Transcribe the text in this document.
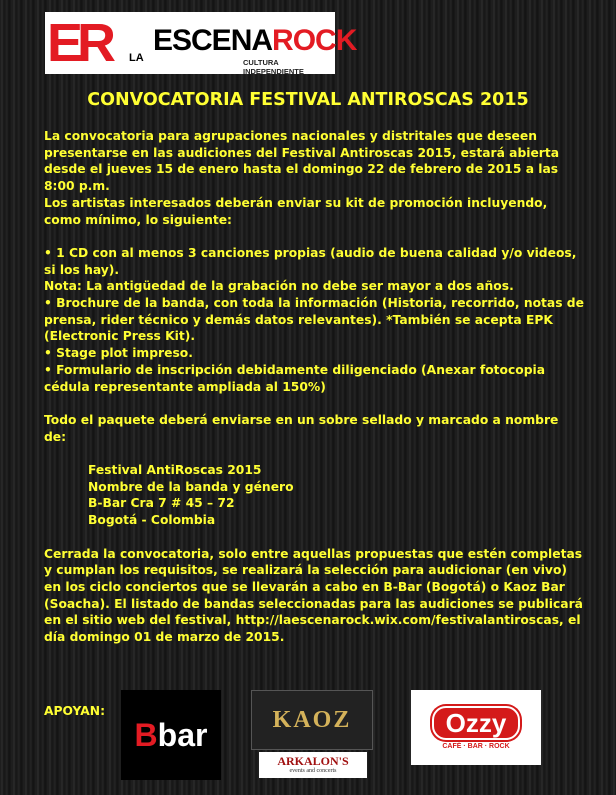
ER LA
ESCENAROCK
CULTURA INDEPENDIENTE
CONVOCATORIA FESTIVAL ANTIROSCAS 2015

La convocatoria para agrupaciones nacionales y distritales que deseen presentarse en las audiciones del Festival Antiroscas 2015, estará abierta desde el jueves 15 de enero hasta el domingo 22 de febrero de 2015 a las 8:00 p.m.

Los artistas interesados deberán enviar su kit de promoción incluyendo, como mínimo, lo siguiente:

• 1 CD con al menos 3 canciones propias (audio de buena calidad y/o videos, si los hay).

Nota: La antigüedad de la grabación no debe ser mayor a dos años.

• Brochure de la banda, con toda la información (Historia, recorrido, notas de prensa, rider técnico y demás datos relevantes). *También se acepta EPK (Electronic Press Kit).

• Stage plot impreso.

• Formulario de inscripción debidamente diligenciado (Anexar fotocopia cédula representante ampliada al 150%)

Todo el paquete deberá enviarse en un sobre sellado y marcado a nombre de:

Festival AntiRoscas 2015

Nombre de la banda y género

B-Bar Cra 7 # 45 – 72

Bogotá - Colombia

Cerrada la convocatoria, solo entre aquellas propuestas que estén completas y cumplan los requisitos, se realizará la selección para audicionar (en vivo) en los ciclo conciertos que se llevarán a cabo en B-Bar (Bogotá) o Kaoz Bar (Soacha). El listado de bandas seleccionadas para las audiciones se publicará en el sitio web del festival, http://laescenarock.wix.com/festivalantiroscas, el día domingo 01 de marzo de 2015.

APOYAN:
Bbar	KAOZ
ARKALON'S
events and concerts
Ozzy
CAFÉ · BAR · ROCK
